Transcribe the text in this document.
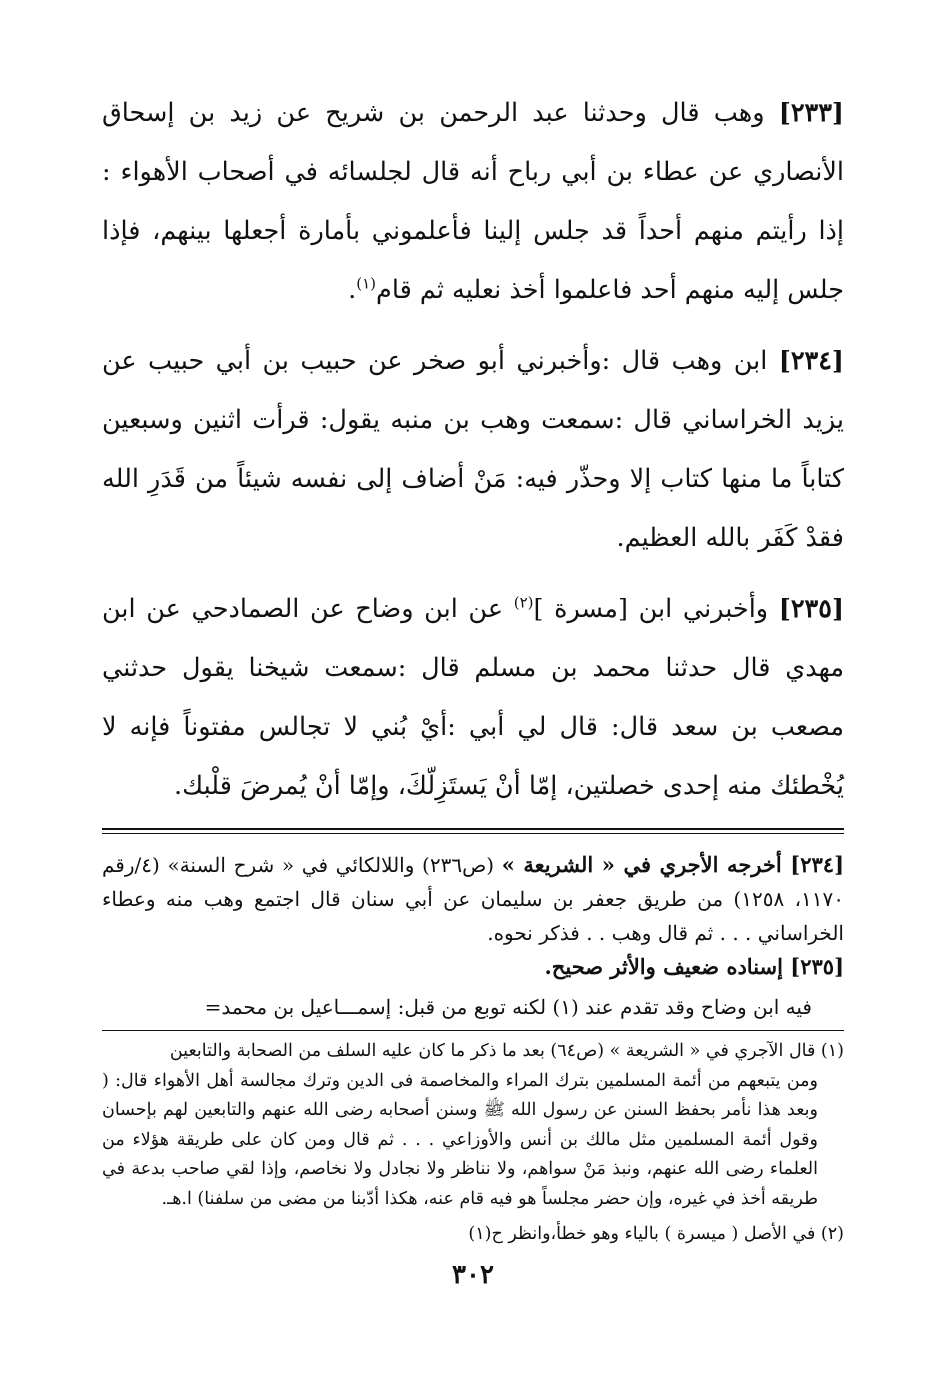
[٢٣٣] وهب قال وحدثنا عبد الرحمن بن شريح عن زيد بن إسحاق الأنصاري عن عطاء بن أبي رباح أنه قال لجلسائه في أصحاب الأهواء : إذا رأيتم منهم أحداً قد جلس إلينا فأعلموني بأمارة أجعلها بينهم، فإذا جلس إليه منهم أحد فاعلموا أخذ نعليه ثم قام$^{(١)}$.

[٢٣٤] ابن وهب قال :وأخبرني أبو صخر عن حبيب بن أبي حبيب عن يزيد الخراساني قال :سمعت وهب بن منبه يقول: قرأت اثنين وسبعين كتاباً ما منها كتاب إلا وحذّر فيه: مَنْ أضاف إلى نفسه شيئاً من قَدَرِ الله فقدْ كَفَر بالله العظيم.

[٢٣٥] وأخبرني ابن [مسرة ]$^{(٢)}$ عن ابن وضاح عن الصمادحي عن ابن مهدي قال حدثنا محمد بن مسلم قال :سمعت شيخنا يقول حدثني مصعب بن سعد قال: قال لي أبي :أيْ بُني لا تجالس مفتوناً فإنه لا يُخْطئك منه إحدى خصلتين، إمّا أنْ يَستَزِلّكَ، وإمّا أنْ يُمرضَ قلْبك.

[٢٣٤] أخرجه الأجري في « الشريعة » (ص٢٣٦) واللالكائي في « شرح السنة» (٤/رقم ١١٧٠، ١٢٥٨) من طريق جعفر بن سليمان عن أبي سنان قال اجتمع وهب منه وعطاء الخراساني . . . ثم قال وهب . . فذكر نحوه.

[٢٣٥] إسناده ضعيف والأثر صحيح.

فيه ابن وضاح وقد تقدم عند (١) لكنه توبع من قبل: إسمـــاعيل بن محمد=

(١) قال الآجري في « الشريعة » (ص٦٤) بعد ما ذكر ما كان عليه السلف من الصحابة والتابعين

ومن يتبعهم من أئمة المسلمين بترك المراء والمخاصمة فى الدين وترك مجالسة أهل الأهواء قال: ( وبعد هذا نأمر بحفظ السنن عن رسول الله ﷺ وسنن أصحابه رضى الله عنهم والتابعين لهم بإحسان وقول أئمة المسلمين مثل مالك بن أنس والأوزاعي . . . ثم قال ومن كان على طريقة هؤلاء من العلماء رضى الله عنهم، ونبذ مَنْ سواهم، ولا نناظر ولا نجادل ولا نخاصم، وإذا لقي صاحب بدعة في طريقه أخذ في غيره، وإن حضر مجلساً هو فيه قام عنه، هكذا أدّبنا من مضى من سلفنا) ا.هـ.

(٢) في الأصل ( ميسرة ) بالياء وهو خطأ،وانظر ح(١)

٣٠٢
